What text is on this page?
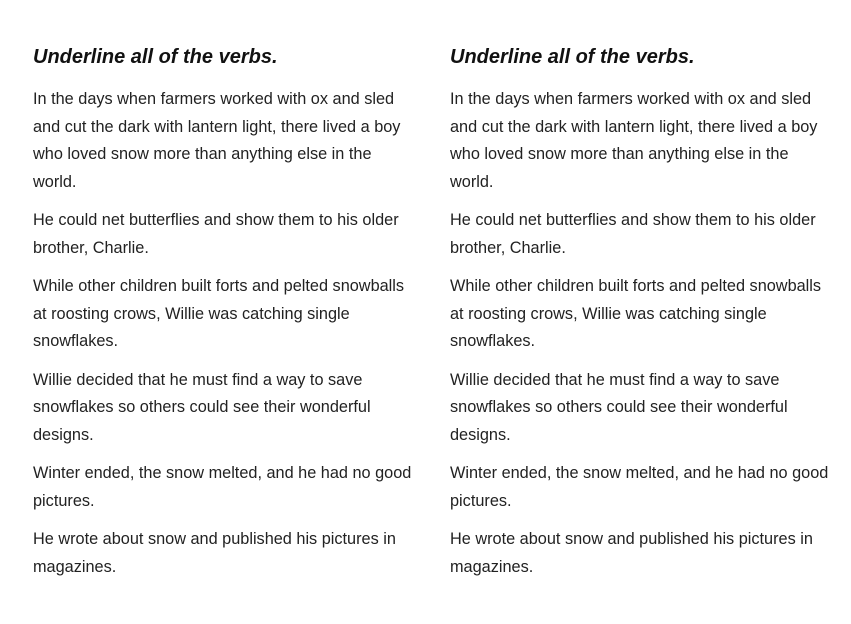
Underline all of the verbs.

In the days when farmers worked with ox and sled and cut the dark with lantern light, there lived a boy who loved snow more than anything else in the world.

He could net butterflies and show them to his older brother, Charlie.

While other children built forts and pelted snowballs at roosting crows, Willie was catching single snowflakes.

Willie decided that he must find a way to save snowflakes so others could see their wonderful designs.

Winter ended, the snow melted, and he had no good pictures.

He wrote about snow and published his pictures in magazines.

Underline all of the verbs.

In the days when farmers worked with ox and sled and cut the dark with lantern light, there lived a boy who loved snow more than anything else in the world.

He could net butterflies and show them to his older brother, Charlie.

While other children built forts and pelted snowballs at roosting crows, Willie was catching single snowflakes.

Willie decided that he must find a way to save snowflakes so others could see their wonderful designs.

Winter ended, the snow melted, and he had no good pictures.

He wrote about snow and published his pictures in magazines.
